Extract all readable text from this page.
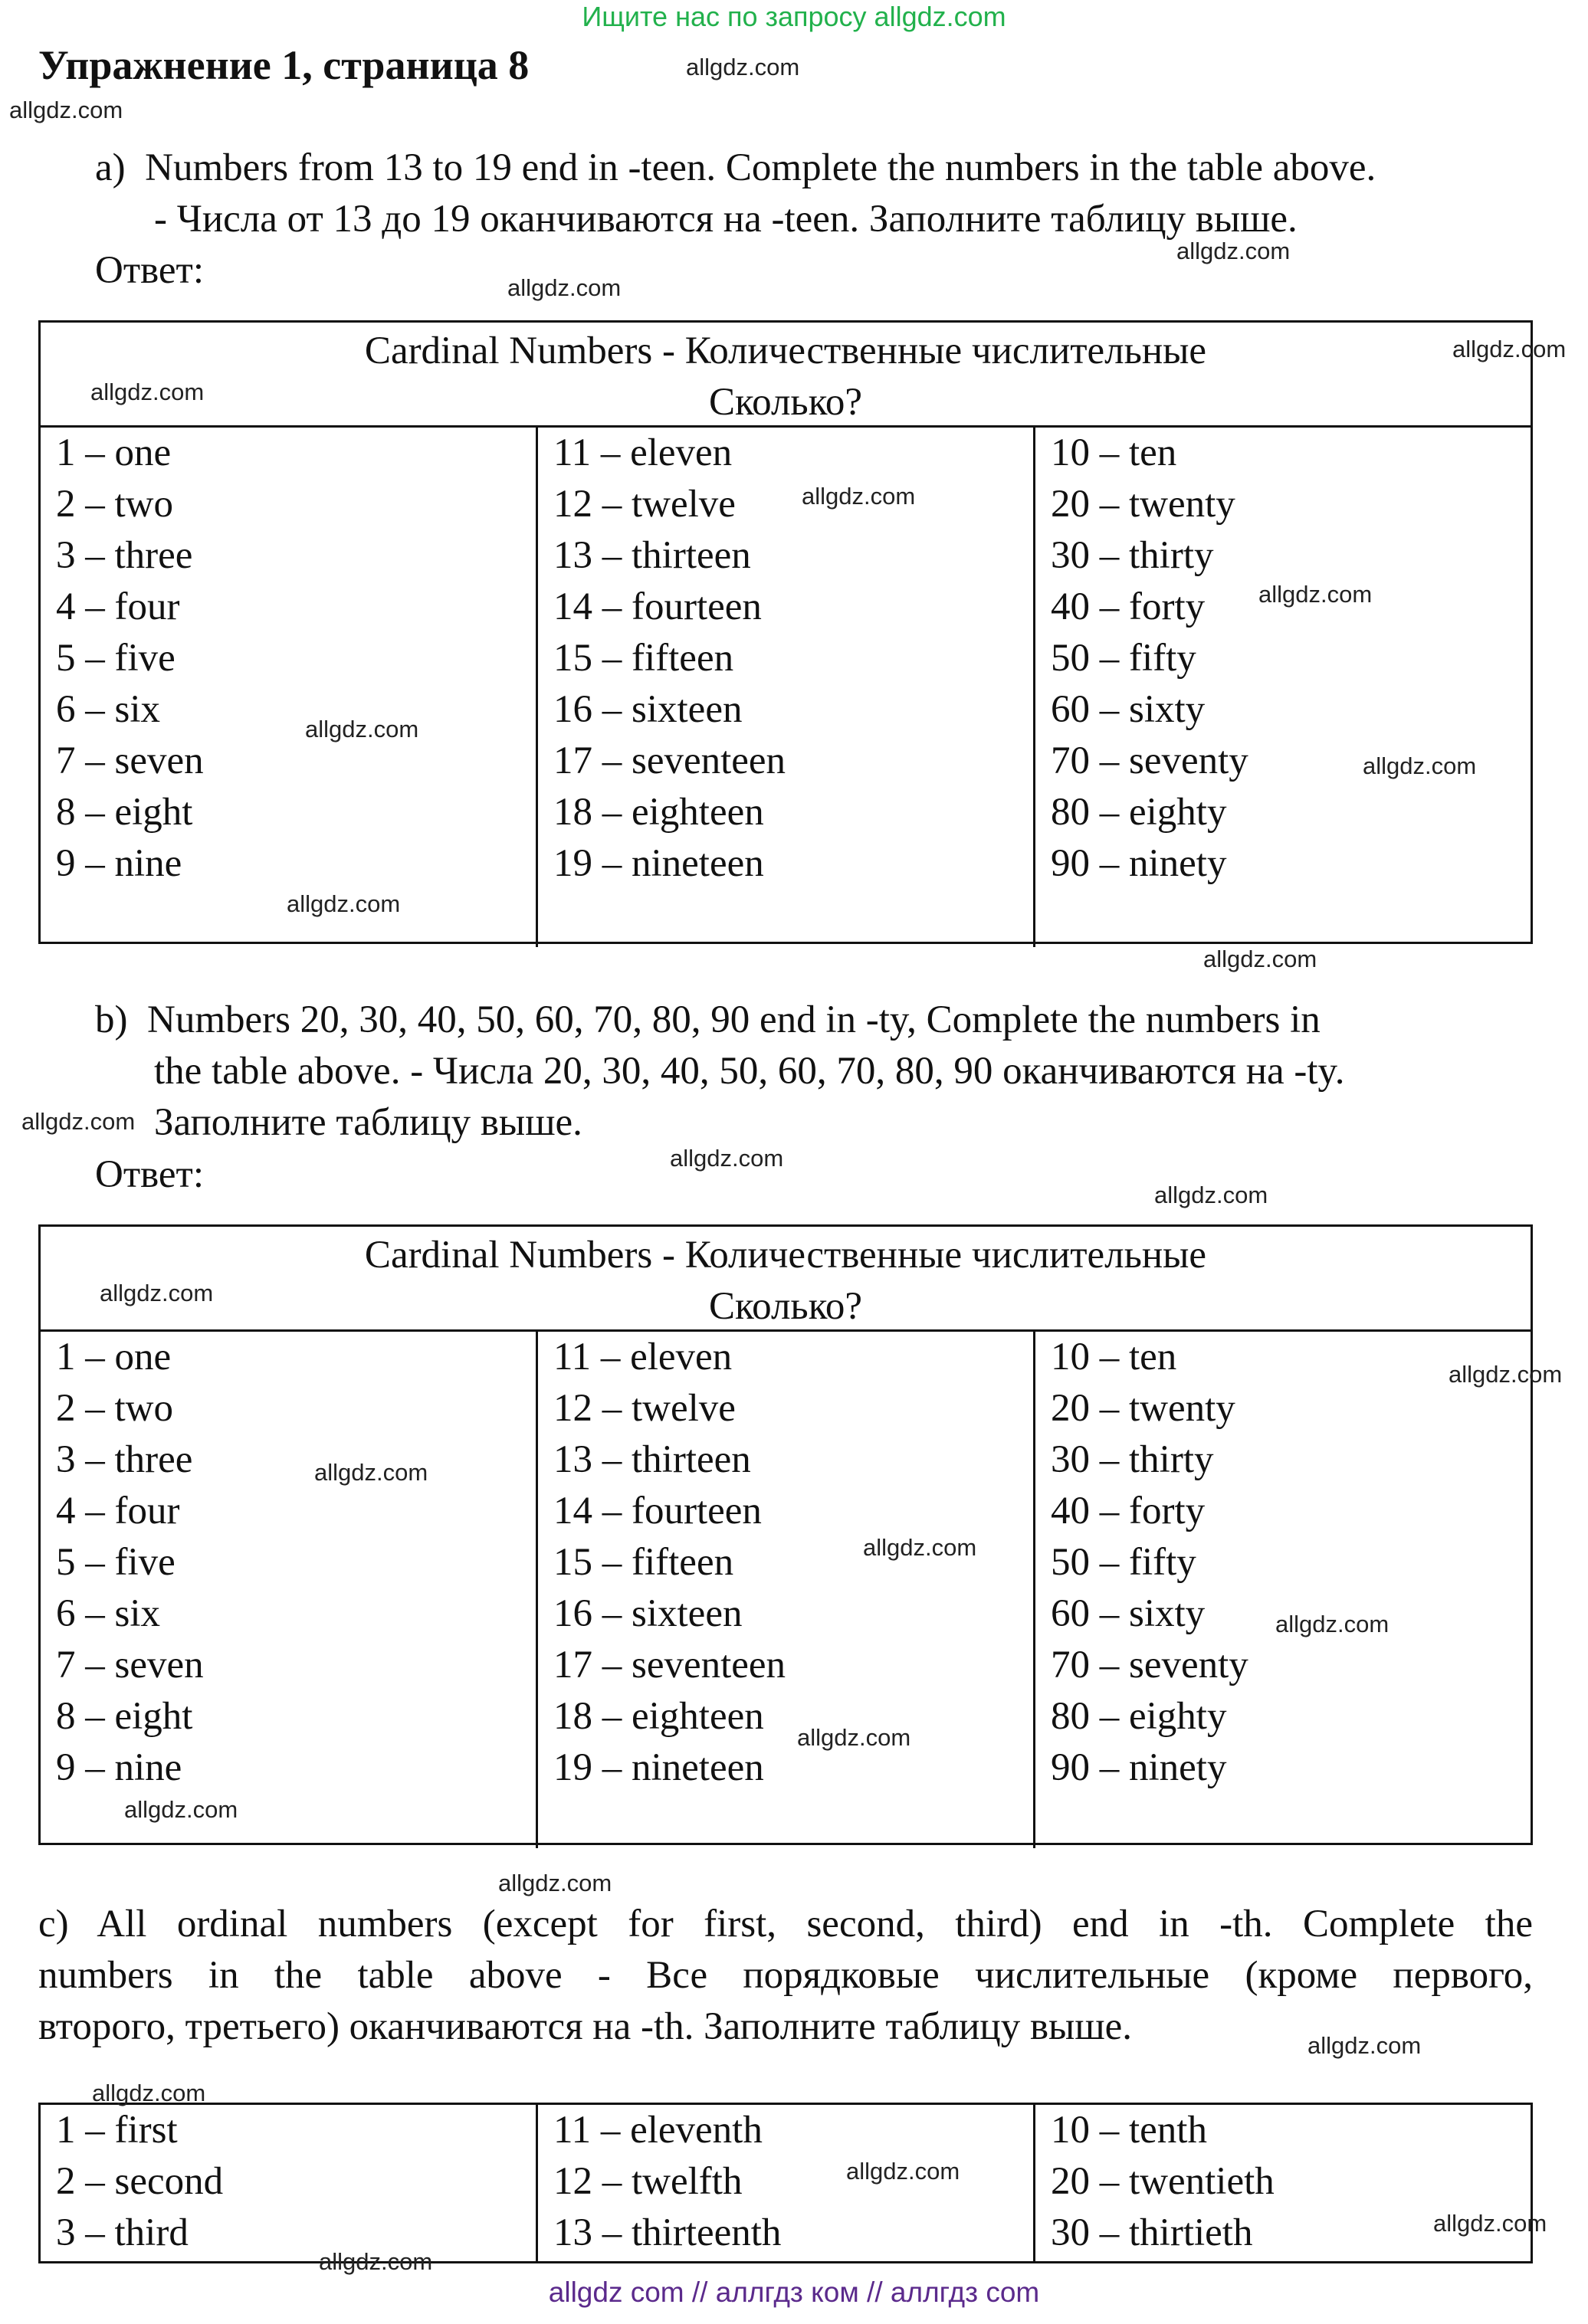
Ищите нас по запросу allgdz.com
Упражнение 1, страница 8
a) Numbers from 13 to 19 end in -teen. Complete the numbers in the table above.
- Числа от 13 до 19 оканчиваются на -teen. Заполните таблицу выше.
Ответ:
Cardinal Numbers - Количественные числительные
Сколько?
1 – one
2 – two
3 – three
4 – four
5 – five
6 – six
7 – seven
8 – eight
9 – nine
11 – eleven
12 – twelve
13 – thirteen
14 – fourteen
15 – fifteen
16 – sixteen
17 – seventeen
18 – eighteen
19 – nineteen
10 – ten
20 – twenty
30 – thirty
40 – forty
50 – fifty
60 – sixty
70 – seventy
80 – eighty
90 – ninety
b) Numbers 20, 30, 40, 50, 60, 70, 80, 90 end in -ty, Complete the numbers in
the table above. - Числа 20, 30, 40, 50, 60, 70, 80, 90 оканчиваются на -ty.
Заполните таблицу выше.
Ответ:
Cardinal Numbers - Количественные числительные
Сколько?
1 – one
2 – two
3 – three
4 – four
5 – five
6 – six
7 – seven
8 – eight
9 – nine
11 – eleven
12 – twelve
13 – thirteen
14 – fourteen
15 – fifteen
16 – sixteen
17 – seventeen
18 – eighteen
19 – nineteen
10 – ten
20 – twenty
30 – thirty
40 – forty
50 – fifty
60 – sixty
70 – seventy
80 – eighty
90 – ninety
c) All ordinal numbers (except for first, second, third) end in -th. Complete the
numbers in the table above - Все порядковые числительные (кроме первого,
второго, третьего) оканчиваются на -th. Заполните таблицу выше.
1 – first
2 – second
3 – third
11 – eleventh
12 – twelfth
13 – thirteenth
10 – tenth
20 – twentieth
30 – thirtieth
allgdz.com
allgdz.com
allgdz.com
allgdz.com
allgdz.com
allgdz.com
allgdz.com
allgdz.com
allgdz.com
allgdz.com
allgdz.com
allgdz.com
allgdz.com
allgdz.com
allgdz.com
allgdz.com
allgdz.com
allgdz.com
allgdz.com
allgdz.com
allgdz.com
allgdz.com
allgdz.com
allgdz.com
allgdz.com
allgdz.com
allgdz.com
allgdz.com
allgdz com // аллгдз ком // аллгдз com
